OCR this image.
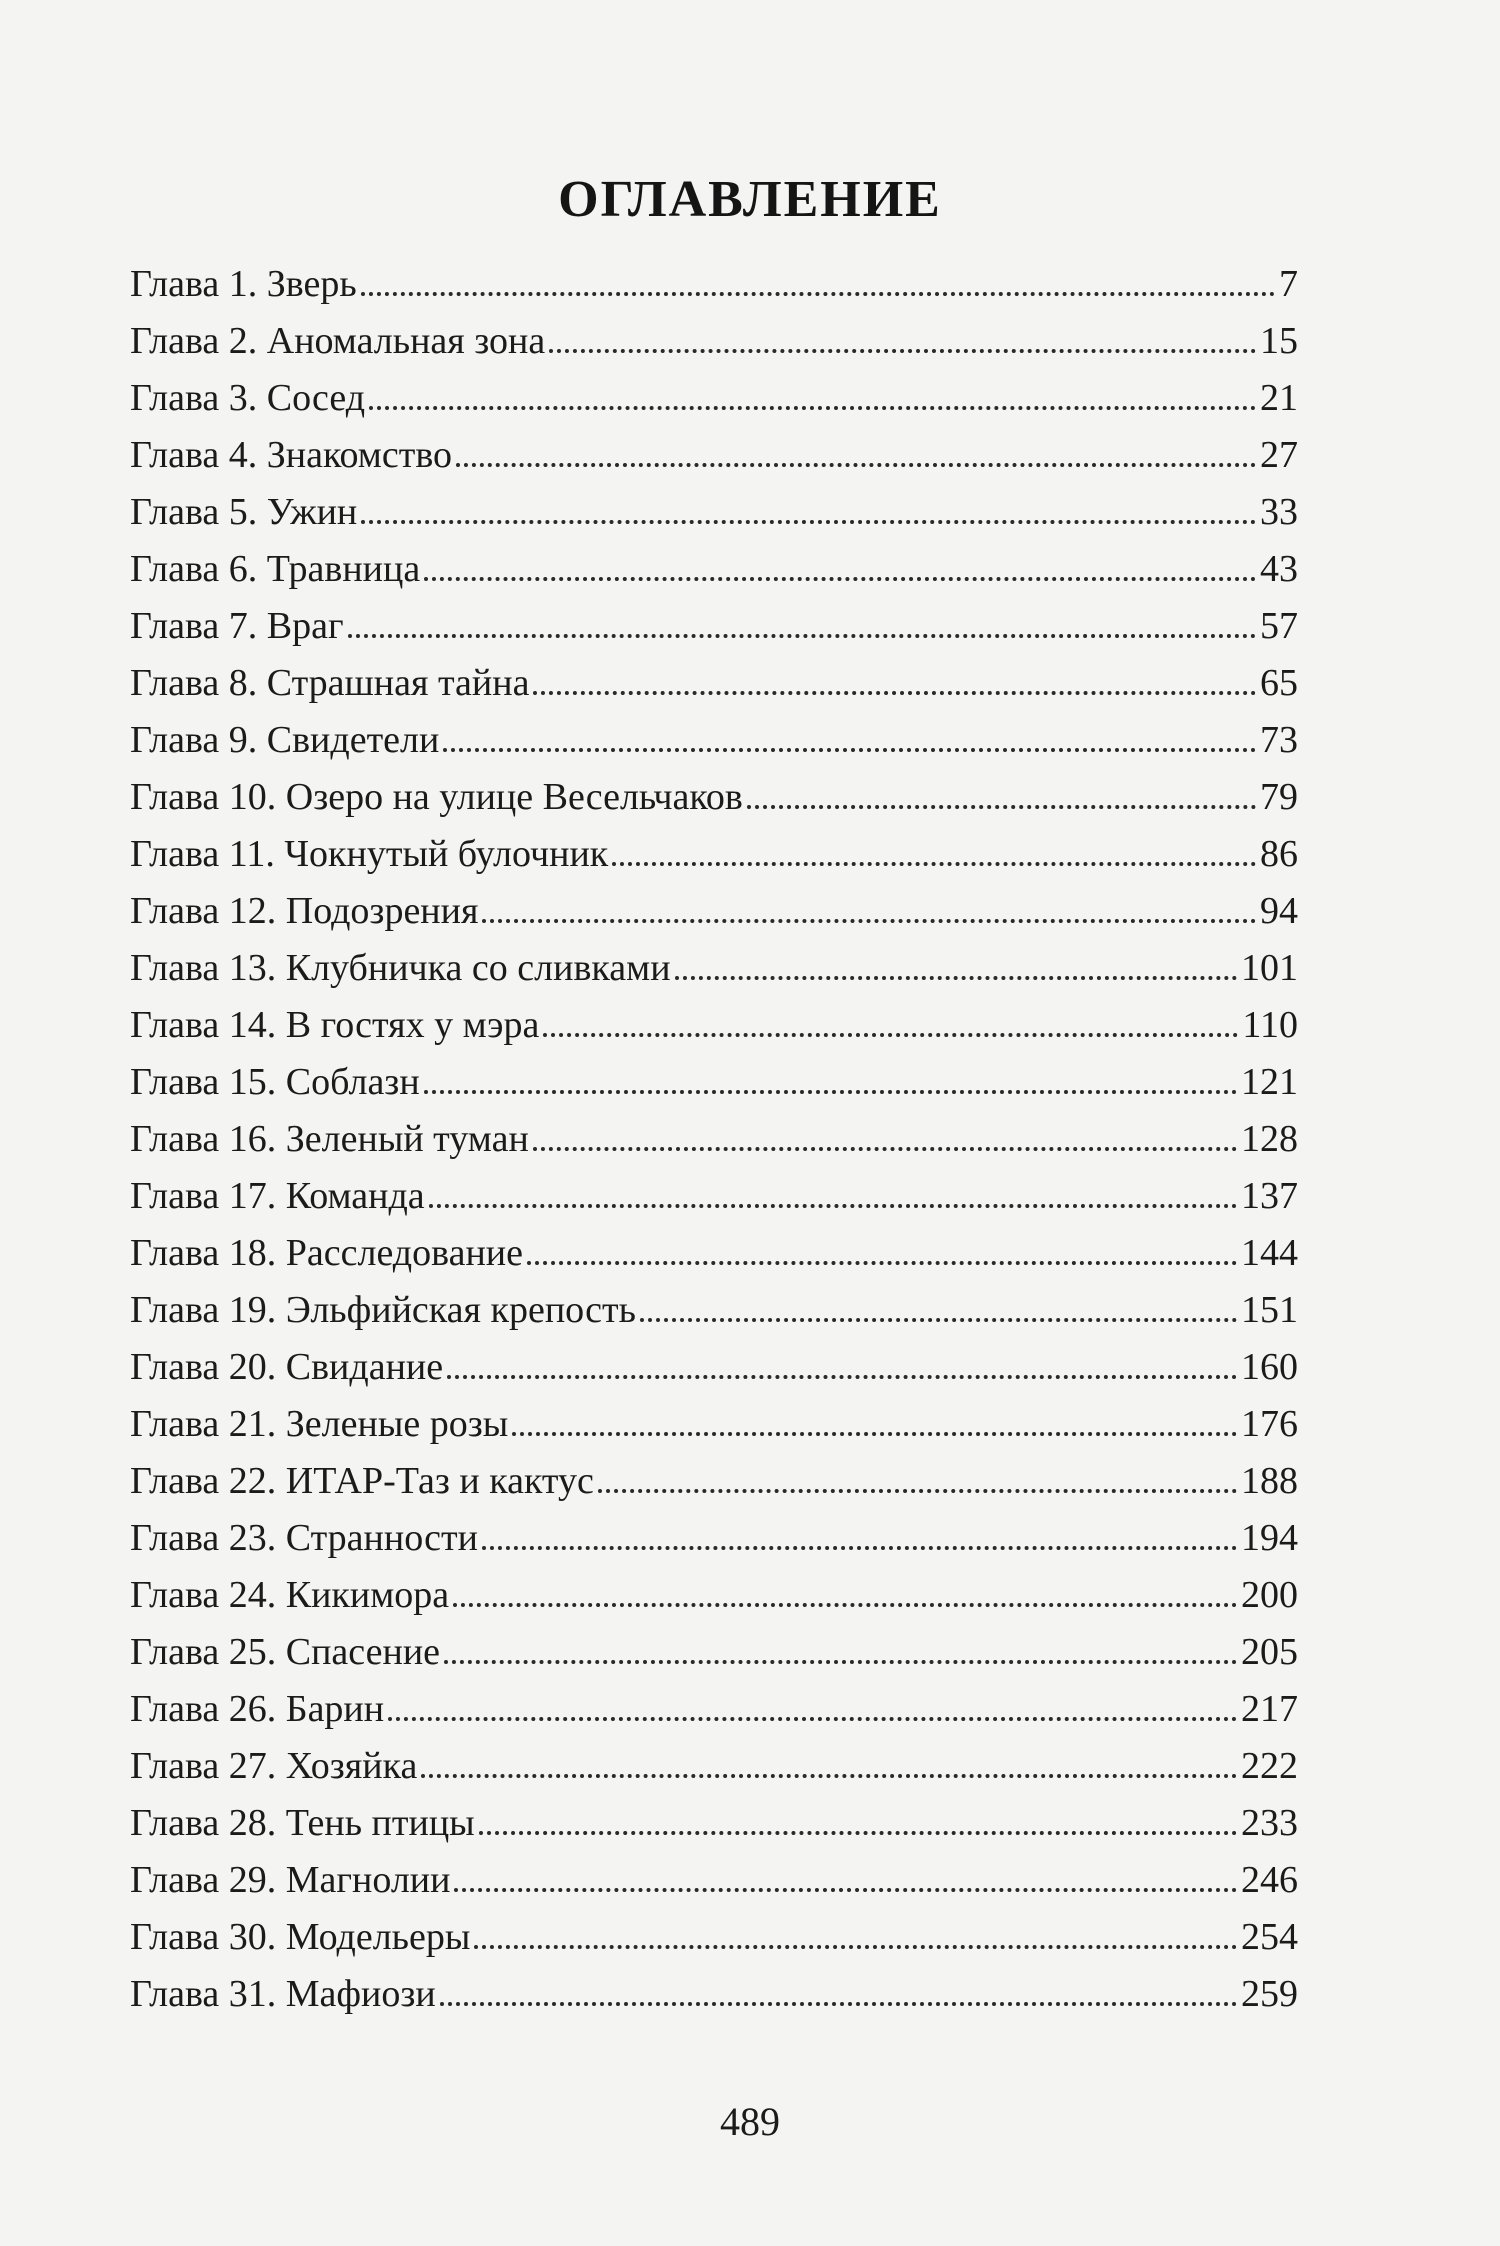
ОГЛАВЛЕНИЕ
Глава 1. Зверь	7
Глава 2. Аномальная зона	15
Глава 3. Сосед	21
Глава 4. Знакомство	27
Глава 5. Ужин	33
Глава 6. Травница	43
Глава 7. Враг	57
Глава 8. Страшная тайна	65
Глава 9. Свидетели	73
Глава 10. Озеро на улице Весельчаков	79
Глава 11. Чокнутый булочник	86
Глава 12. Подозрения	94
Глава 13. Клубничка со сливками	101
Глава 14. В гостях у мэра	110
Глава 15. Соблазн	121
Глава 16. Зеленый туман	128
Глава 17. Команда	137
Глава 18. Расследование	144
Глава 19. Эльфийская крепость	151
Глава 20. Свидание	160
Глава 21. Зеленые розы	176
Глава 22. ИТАР-Таз и кактус	188
Глава 23. Странности	194
Глава 24. Кикимора	200
Глава 25. Спасение	205
Глава 26. Барин	217
Глава 27. Хозяйка	222
Глава 28. Тень птицы	233
Глава 29. Магнолии	246
Глава 30. Модельеры	254
Глава 31. Мафиози	259
489
